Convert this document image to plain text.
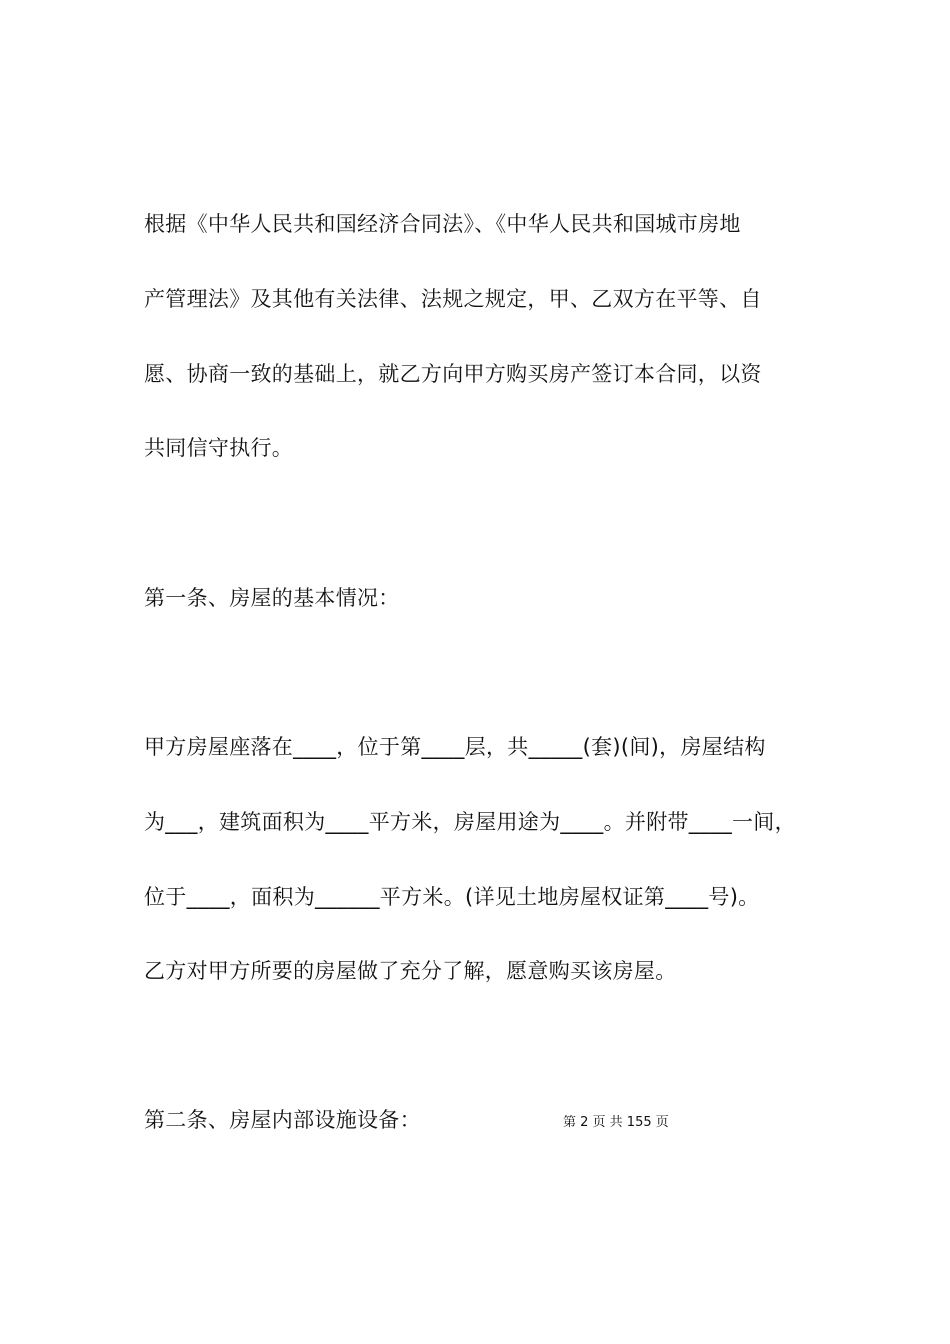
根据《中华人民共和国经济合同法》、《中华人民共和国城市房地
产管理法》及其他有关法律、法规之规定，甲、乙双方在平等、自
愿、协商一致的基础上，就乙方向甲方购买房产签订本合同，以资
共同信守执行。
第一条、房屋的基本情况：
甲方房屋座落在____，位于第____层，共_____(套)(间)，房屋结构
为___，建筑面积为____平方米，房屋用途为____。并附带____一间，
位于____，面积为______平方米。(详见土地房屋权证第____号)。
乙方对甲方所要的房屋做了充分了解，愿意购买该房屋。
第二条、房屋内部设施设备：	第 2 页 共 155 页
